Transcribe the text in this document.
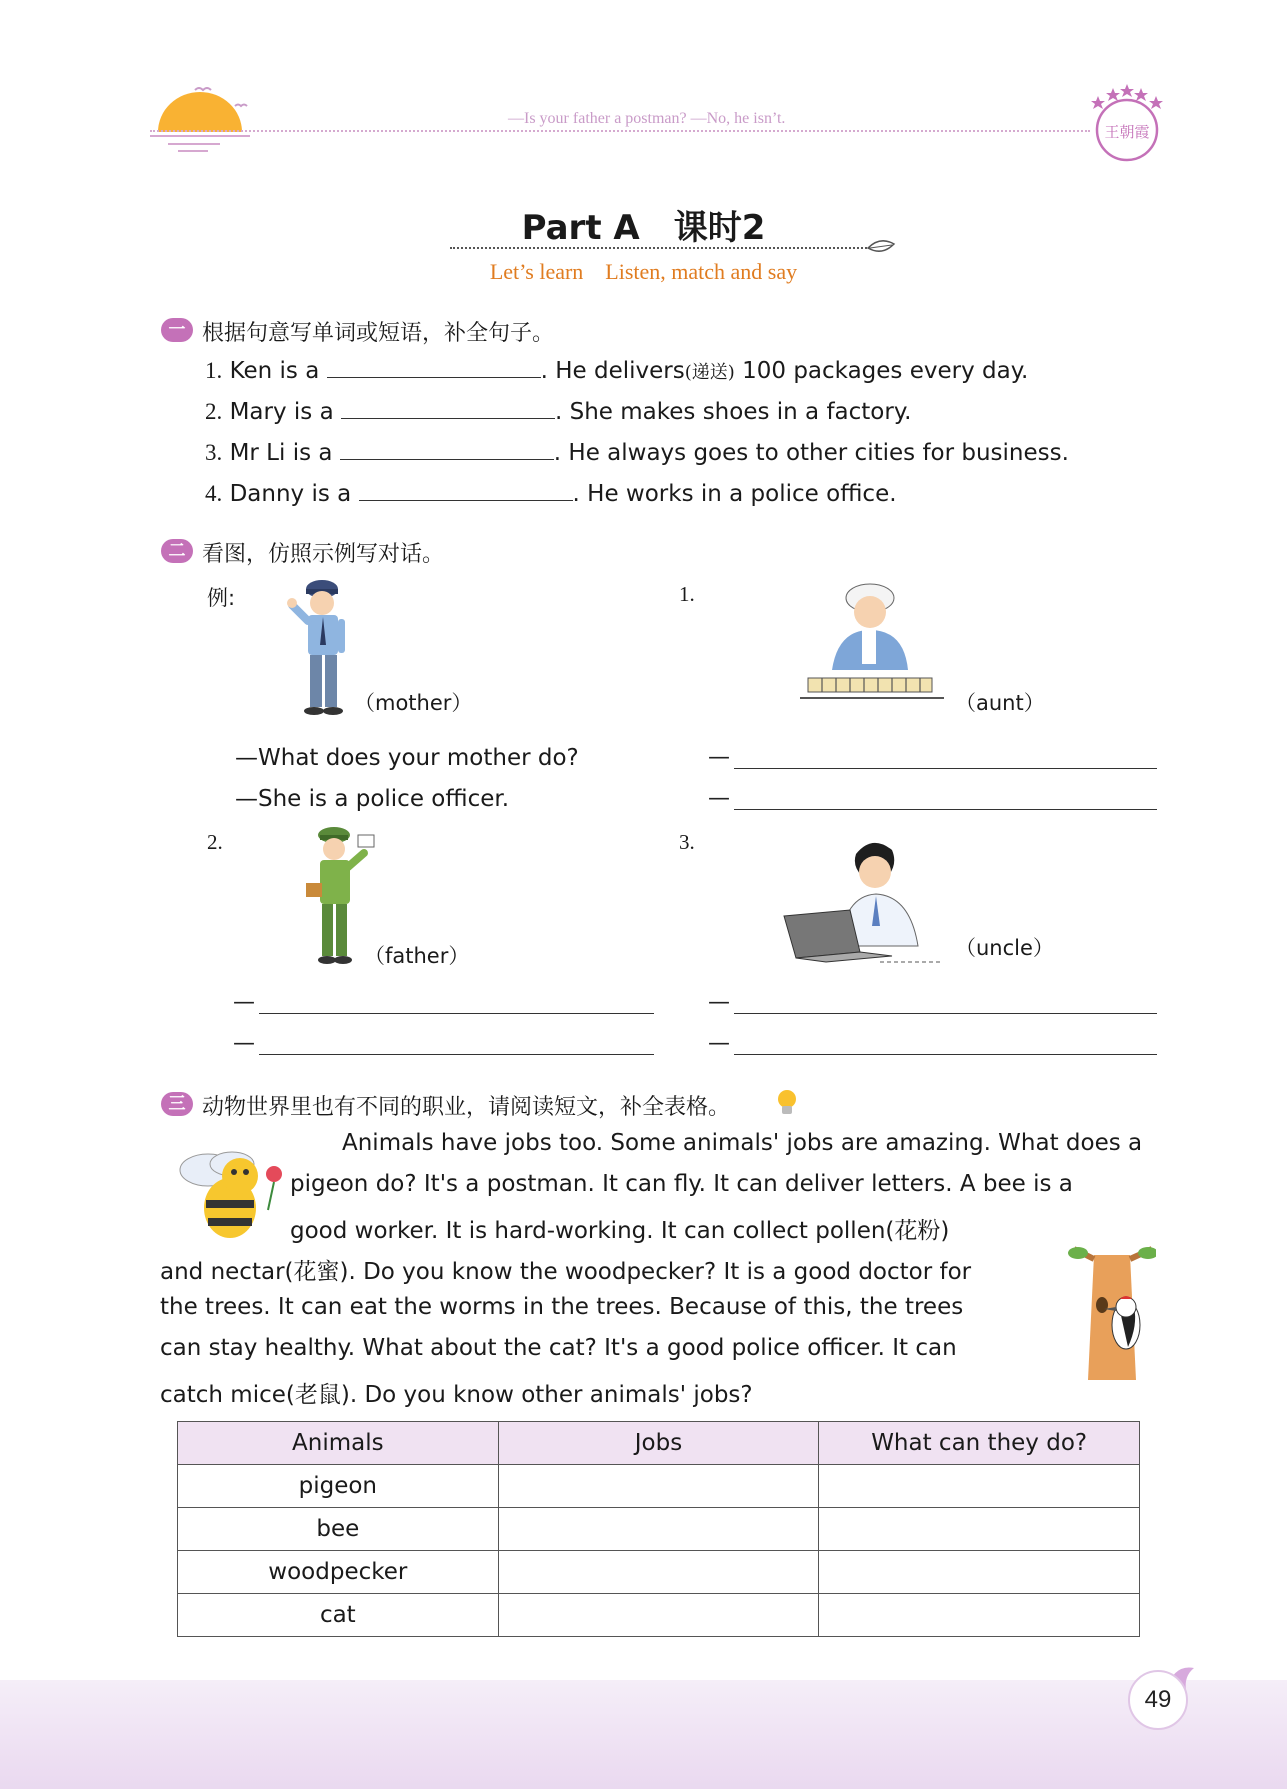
—Is your father a postman? —No, he isn’t.
王朝霞
Part A　课时2
Let’s learn　Listen, match and say
一 根据句意写单词或短语，补全句子。
1. Ken is a	. He delivers(递送) 100 packages every day.
2. Mary is a	. She makes shoes in a factory.
3. Mr Li is a	. He always goes to other cities for business.
4. Danny is a	. He works in a police office.
二 看图，仿照示例写对话。
例:
（mother）
—What does your mother do?
—She is a police officer.
1.
（aunt）
—
—
2.
（father）
—
—
3.
（uncle）
—
—
三 动物世界里也有不同的职业，请阅读短文，补全表格。
Animals have jobs too. Some animals' jobs are amazing. What does a
pigeon do? It's a postman. It can fly. It can deliver letters. A bee is a
good worker. It is hard-working. It can collect pollen(花粉)
and nectar(花蜜). Do you know the woodpecker? It is a good doctor for
the trees. It can eat the worms in the trees. Because of this, the trees
can stay healthy. What about the cat? It's a good police officer. It can
catch mice(老鼠). Do you know other animals' jobs?
Animals	Jobs	What can they do?
pigeon		
bee		
woodpecker		
cat		
49
